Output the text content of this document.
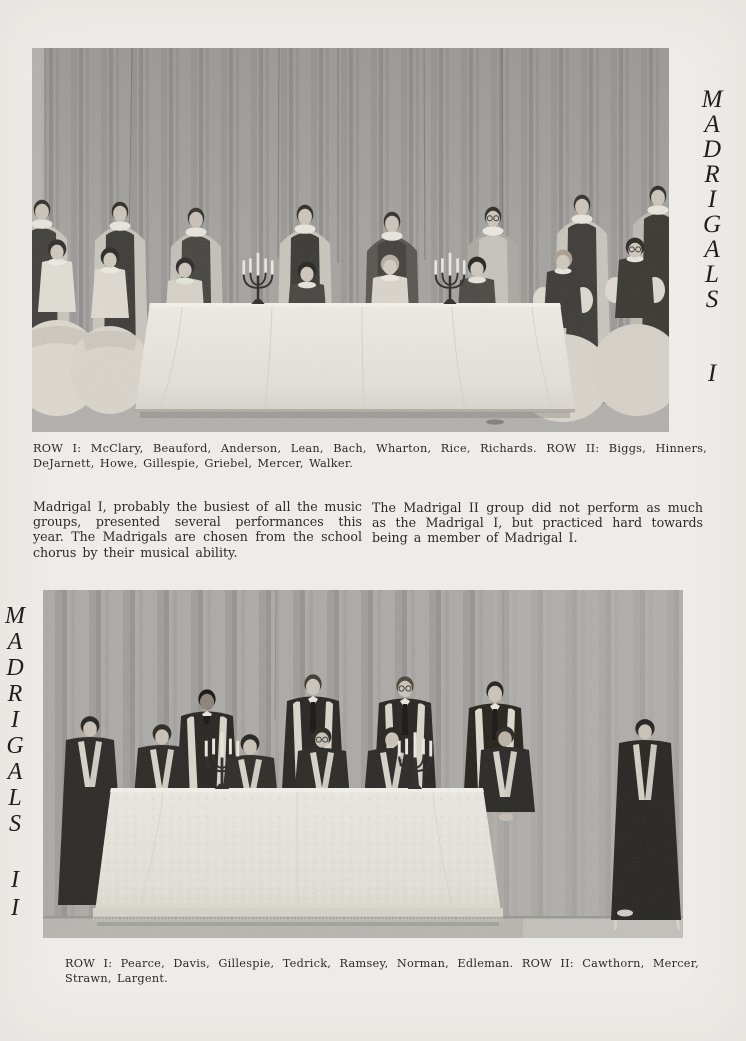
M
A
D
R
I
G
A
L
S
I
ROW I: McClary, Beauford, Anderson, Lean, Bach, Wharton, Rice, Richards. ROW II: Biggs, Hinners, DeJarnett, Howe, Gillespie, Griebel, Mercer, Walker.
Madrigal I, probably the busiest of all the music groups, presented several performances this year. The Madrigals are chosen from the school chorus by their musical ability.
The Madrigal II group did not perform as much as the Madrigal I, but practiced hard towards being a member of Madrigal I.
M
A
D
R
I
G
A
L
S
I
I
ROW I: Pearce, Davis, Gillespie, Tedrick, Ramsey, Norman, Edleman. ROW II: Cawthorn, Mercer, Strawn, Largent.
